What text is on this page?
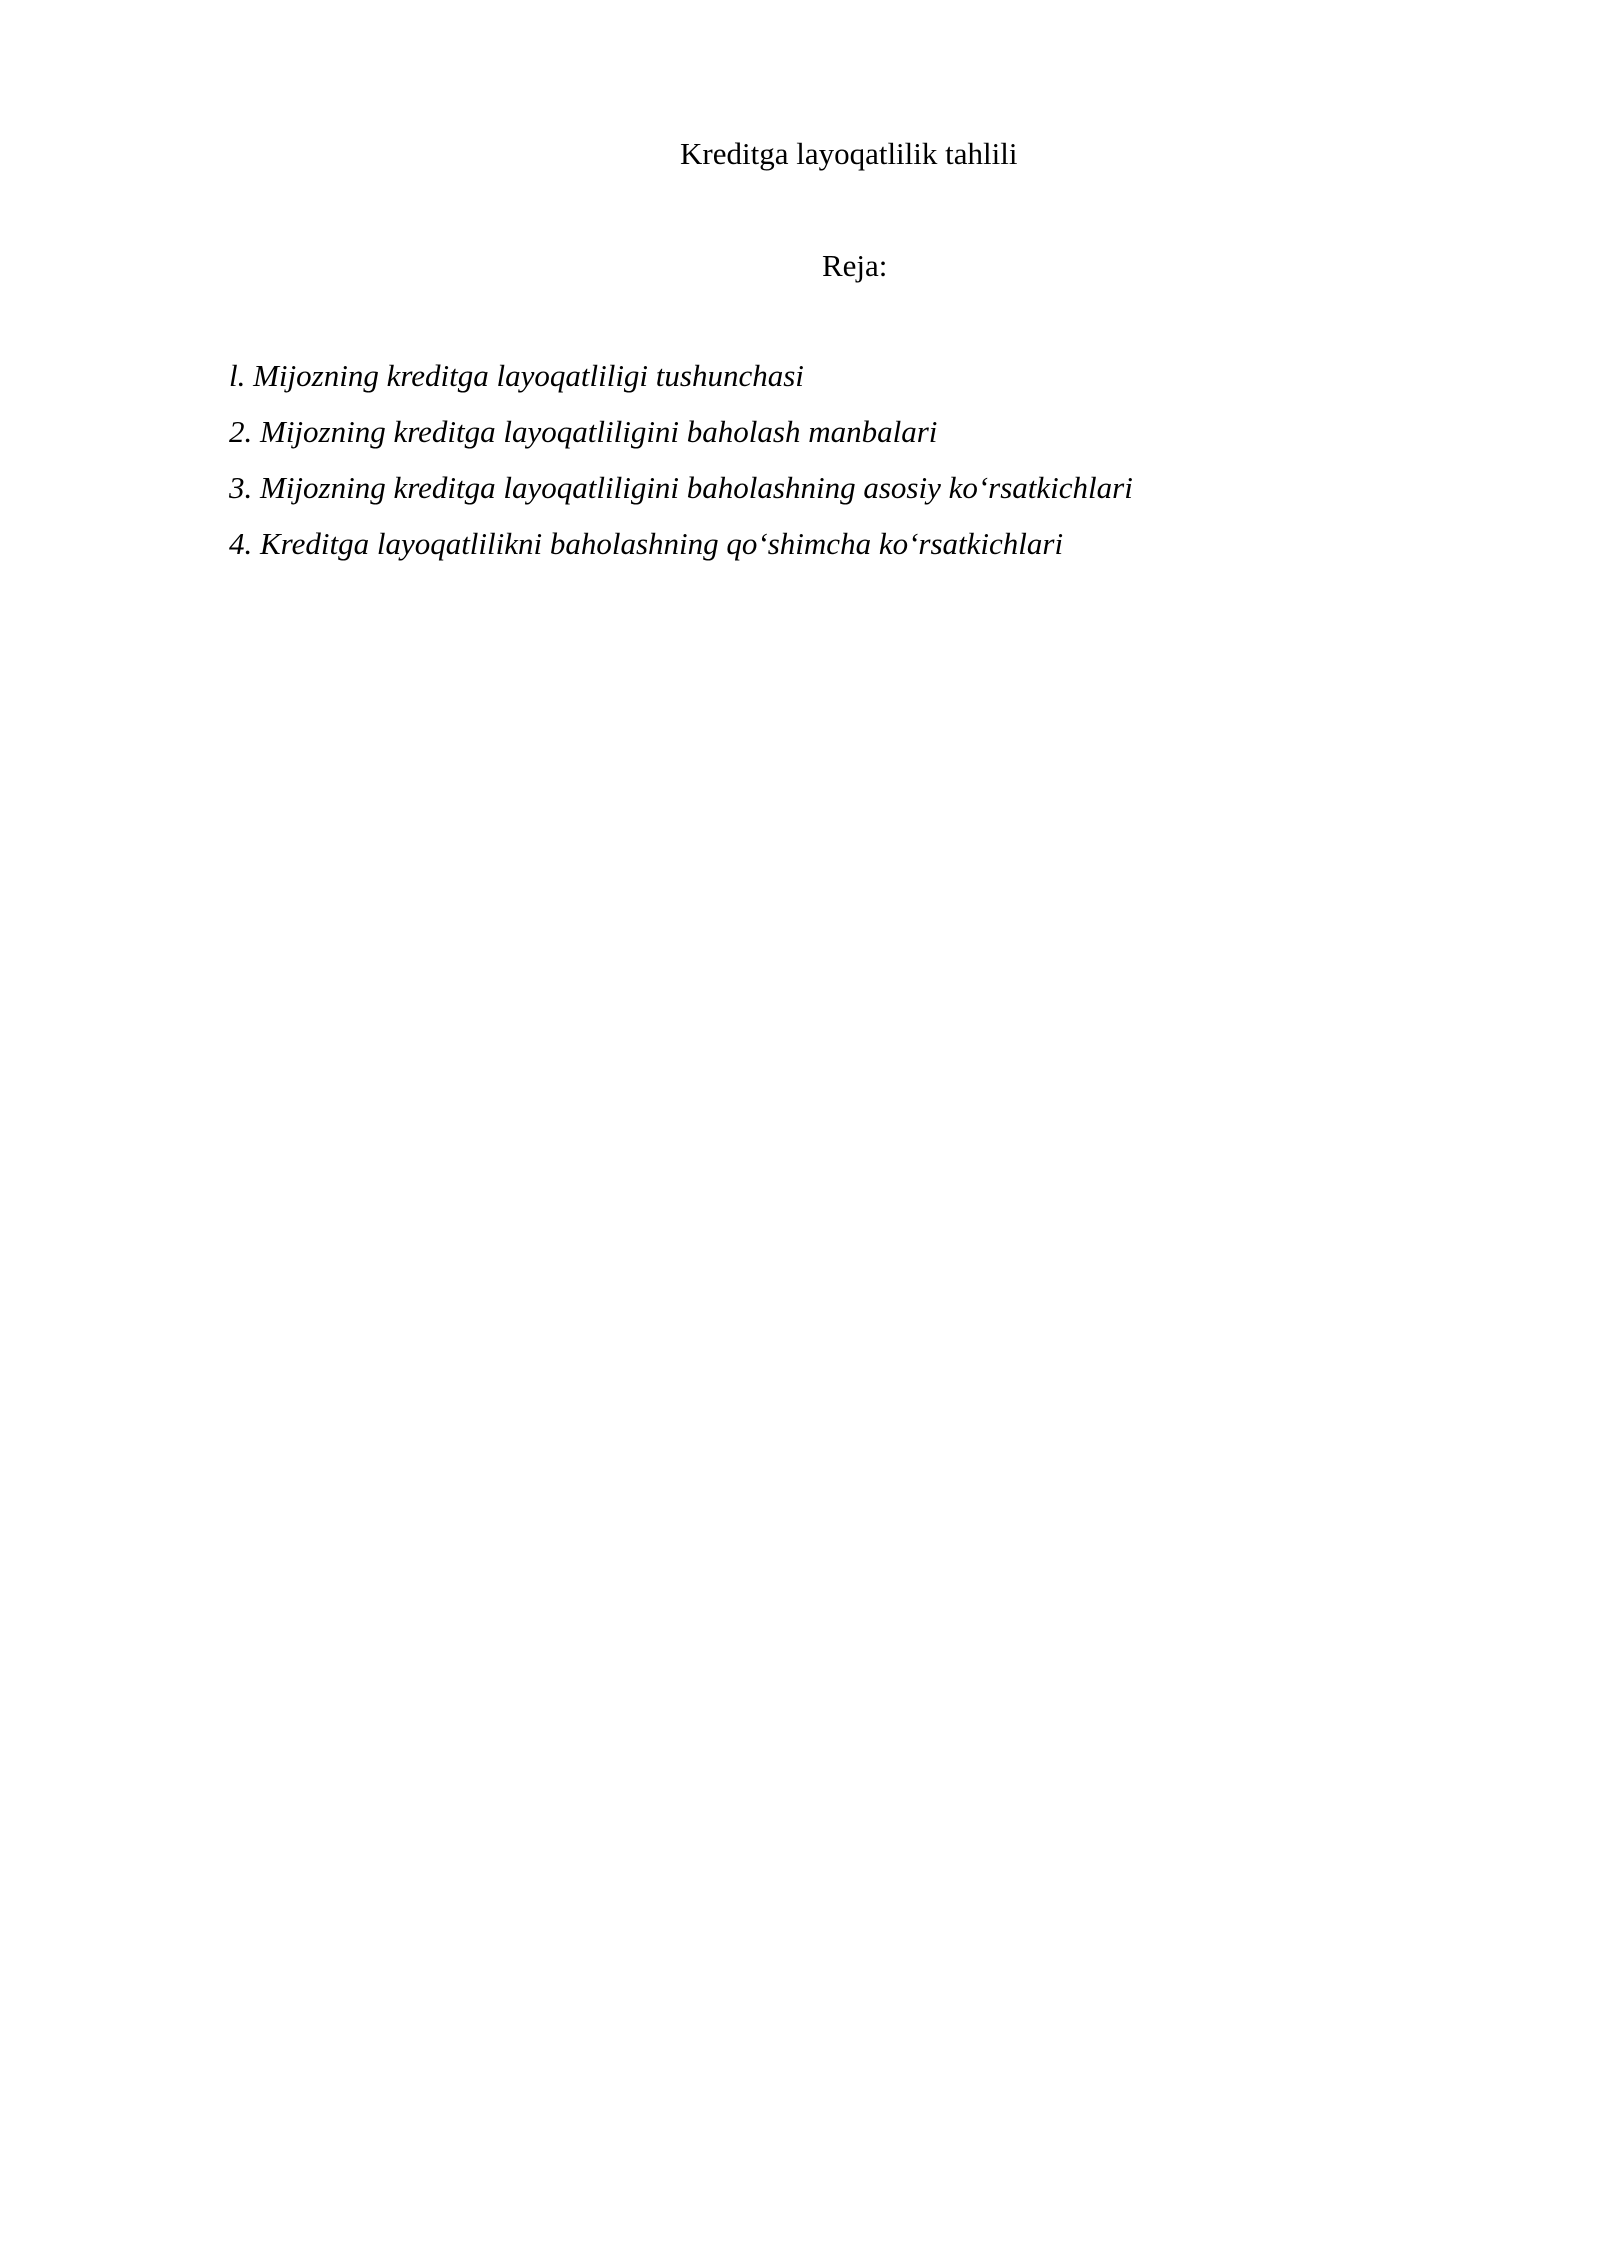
Kreditga layoqatlilik tahlili
Reja:
l. Mijozning kreditga layoqatliligi tushunchasi
2. Mijozning kreditga layoqatliligini baholash manbalari
3. Mijozning kreditga layoqatliligini baholashning asosiy ko‘rsatkichlari
4. Kreditga layoqatlilikni baholashning qo‘shimcha ko‘rsatkichlari
